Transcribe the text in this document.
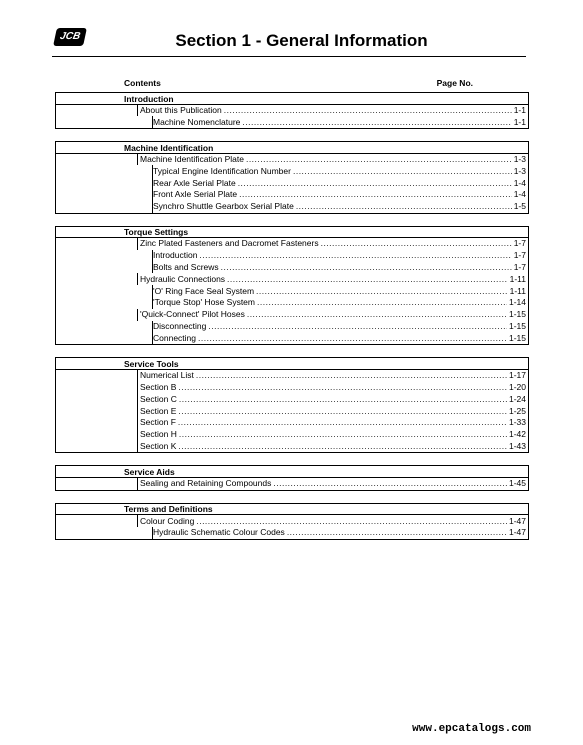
JCB	Section 1 - General Information
Contents	Page No.
Introduction
About this Publication .....	1-1
Machine Nomenclature .....	1-1
Machine Identification
Machine Identification Plate .....	1-3
Typical Engine Identification Number .....	1-3
Rear Axle Serial Plate .....	1-4
Front Axle Serial Plate .....	1-4
Synchro Shuttle Gearbox Serial Plate .....	1-5
Torque Settings
Zinc Plated Fasteners and Dacromet Fasteners .....	1-7
Introduction .....	1-7
Bolts and Screws .....	1-7
Hydraulic Connections .....	1-11
'O' Ring Face Seal System .....	1-11
'Torque Stop' Hose System .....	1-14
'Quick-Connect' Pilot Hoses .....	1-15
Disconnecting .....	1-15
Connecting .....	1-15
Service Tools
Numerical List .....	1-17
Section B .....	1-20
Section C .....	1-24
Section E .....	1-25
Section F .....	1-33
Section H .....	1-42
Section K .....	1-43
Service Aids
Sealing and Retaining Compounds .....	1-45
Terms and Definitions
Colour Coding .....	1-47
Hydraulic Schematic Colour Codes .....	1-47
www.epcatalogs.com
